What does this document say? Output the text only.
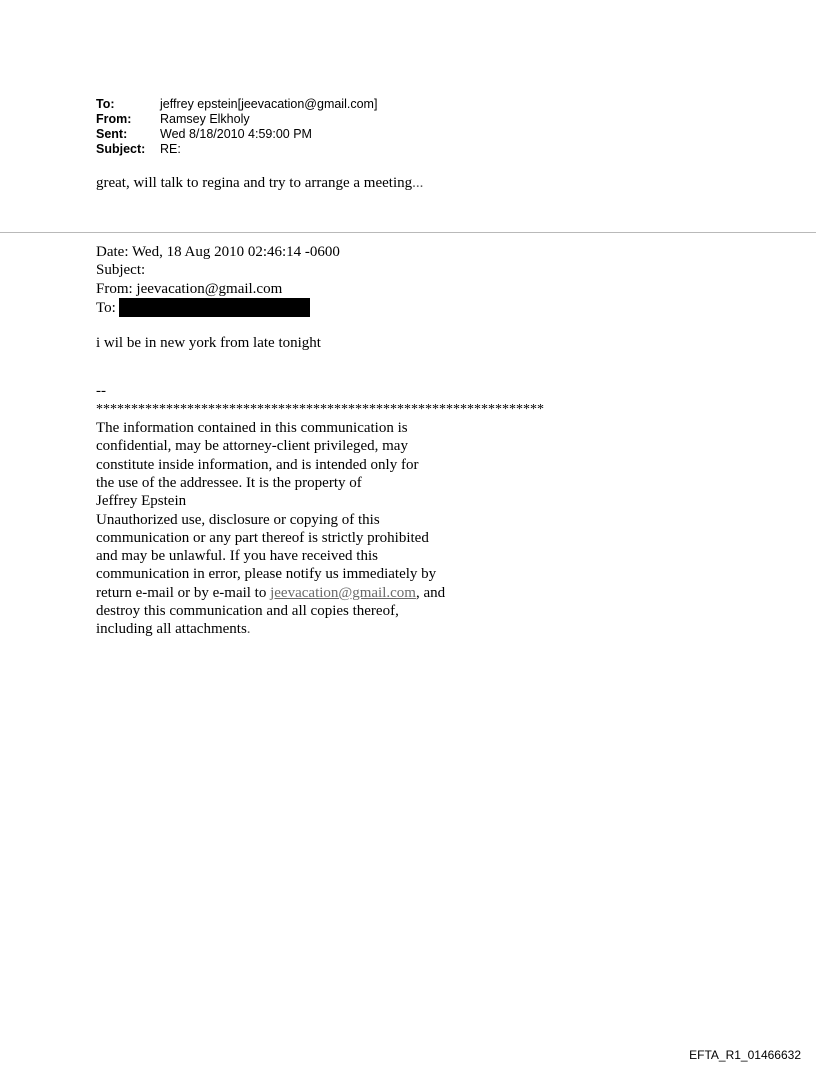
To:	jeffrey epstein[jeevacation@gmail.com]
From:	Ramsey Elkholy
Sent:	Wed 8/18/2010 4:59:00 PM
Subject:	RE:
great, will talk to regina and try to arrange a meeting...
Date: Wed, 18 Aug 2010 02:46:14 -0600
Subject:
From: jeevacation@gmail.com
To:
i wil be in new york from late tonight
--
****************************************************************
The information contained in this communication is
confidential, may be attorney-client privileged, may
constitute inside information, and is intended only for
the use of the addressee. It is the property of
Jeffrey Epstein
Unauthorized use, disclosure or copying of this
communication or any part thereof is strictly prohibited
and may be unlawful. If you have received this
communication in error, please notify us immediately by
return e-mail or by e-mail to jeevacation@gmail.com, and
destroy this communication and all copies thereof,
including all attachments.
EFTA_R1_01466632
